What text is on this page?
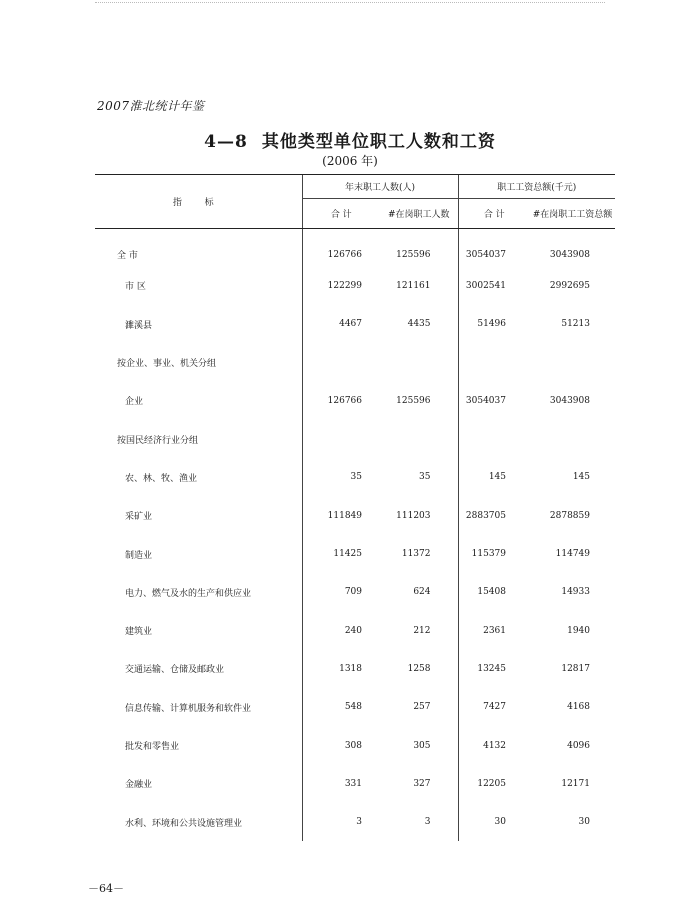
2007淮北统计年鉴
4—8 其他类型单位职工人数和工资
(2006 年)
指 标	年末职工人数(人)		职工工资总额(千元)	
	合 计	#在岗职工人数	合 计	#在岗职工工资总额
全 市	126766	125596	3054037	3043908
市 区	122299	121161	3002541	2992695
濉溪县	4467	4435	51496	51213
按企业、事业、机关分组				
企业	126766	125596	3054037	3043908
按国民经济行业分组				
农、林、牧、渔业	35	35	145	145
采矿业	111849	111203	2883705	2878859
制造业	11425	11372	115379	114749
电力、燃气及水的生产和供应业	709	624	15408	14933
建筑业	240	212	2361	1940
交通运输、仓储及邮政业	1318	1258	13245	12817
信息传输、计算机服务和软件业	548	257	7427	4168
批发和零售业	308	305	4132	4096
金融业	331	327	12205	12171
水利、环境和公共设施管理业	3	3	30	30
－64－
